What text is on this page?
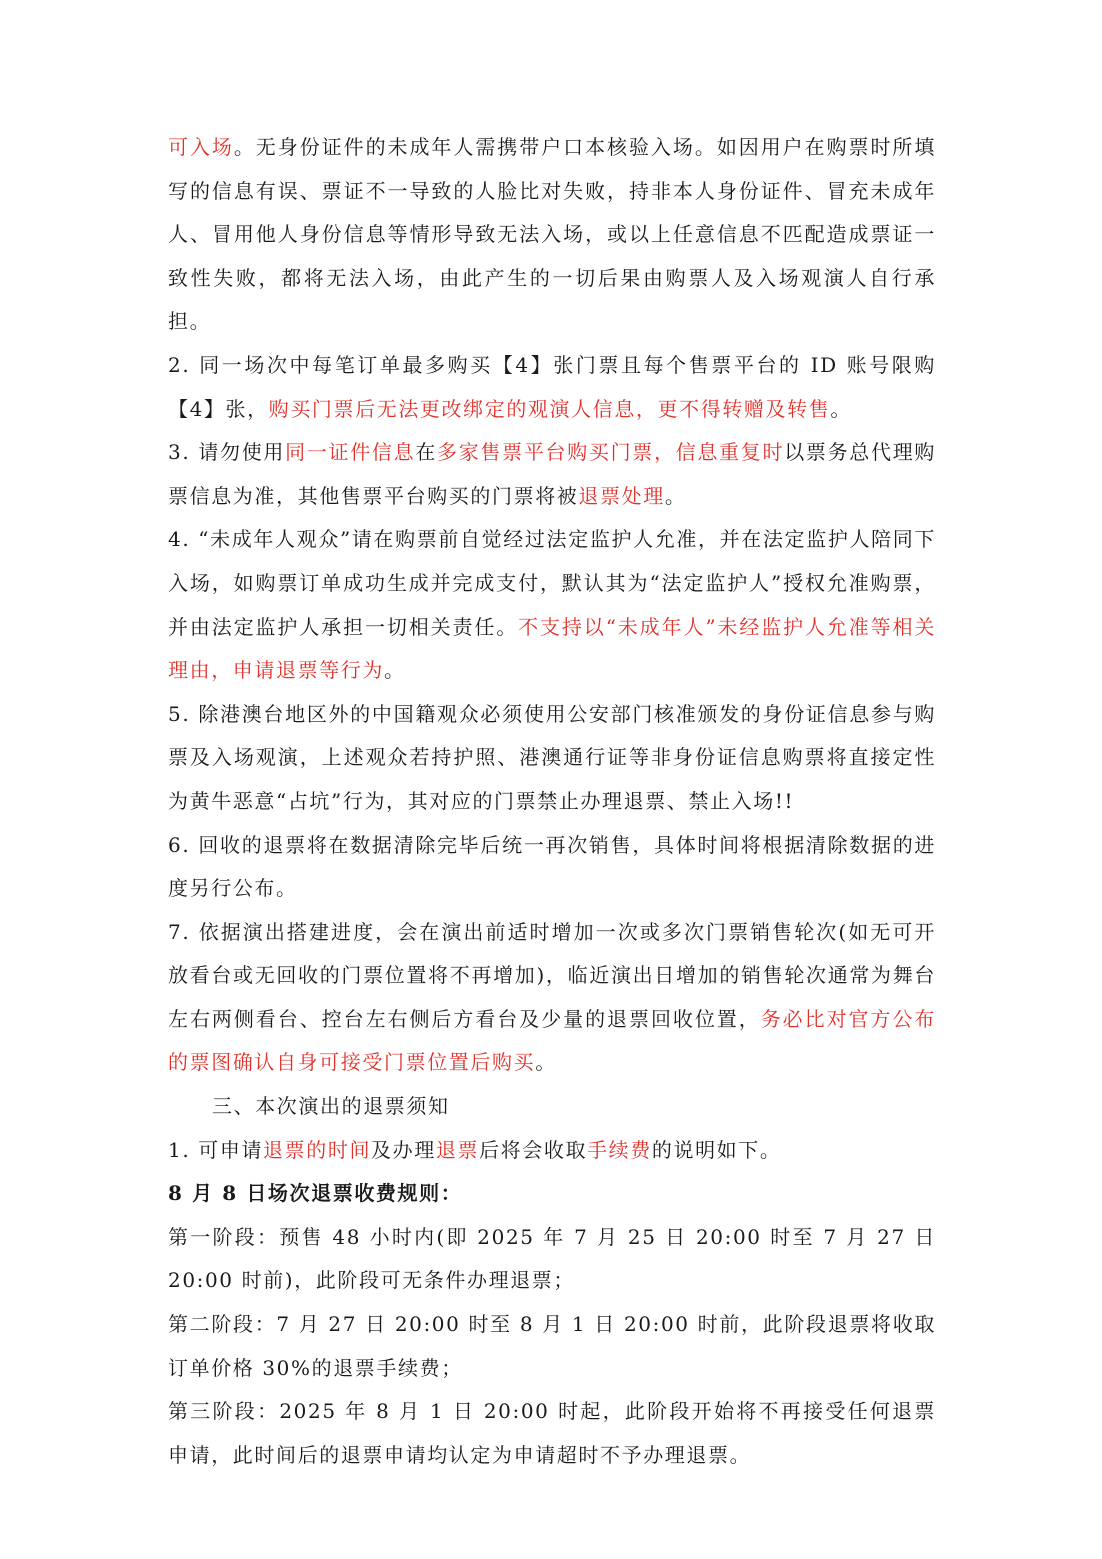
可入场。无身份证件的未成年人需携带户口本核验入场。如因用户在购票时所填写的信息有误、票证不一导致的人脸比对失败，持非本人身份证件、冒充未成年人、冒用他人身份信息等情形导致无法入场，或以上任意信息不匹配造成票证一致性失败，都将无法入场，由此产生的一切后果由购票人及入场观演人自行承担。

2. 同一场次中每笔订单最多购买【4】张门票且每个售票平台的 ID 账号限购【4】张，购买门票后无法更改绑定的观演人信息，更不得转赠及转售。

3. 请勿使用同一证件信息在多家售票平台购买门票，信息重复时以票务总代理购票信息为准，其他售票平台购买的门票将被退票处理。

4. “未成年人观众”请在购票前自觉经过法定监护人允准，并在法定监护人陪同下入场，如购票订单成功生成并完成支付，默认其为“法定监护人”授权允准购票，并由法定监护人承担一切相关责任。不支持以“未成年人”未经监护人允准等相关理由，申请退票等行为。

5. 除港澳台地区外的中国籍观众必须使用公安部门核准颁发的身份证信息参与购票及入场观演，上述观众若持护照、港澳通行证等非身份证信息购票将直接定性为黄牛恶意“占坑”行为，其对应的门票禁止办理退票、禁止入场!!

6. 回收的退票将在数据清除完毕后统一再次销售，具体时间将根据清除数据的进度另行公布。

7. 依据演出搭建进度，会在演出前适时增加一次或多次门票销售轮次(如无可开放看台或无回收的门票位置将不再增加)，临近演出日增加的销售轮次通常为舞台左右两侧看台、控台左右侧后方看台及少量的退票回收位置，务必比对官方公布的票图确认自身可接受门票位置后购买。

三、本次演出的退票须知

1. 可申请退票的时间及办理退票后将会收取手续费的说明如下。

8 月 8 日场次退票收费规则：

第一阶段：预售 48 小时内(即 2025 年 7 月 25 日 20:00 时至 7 月 27 日 20:00 时前)，此阶段可无条件办理退票；

第二阶段：7 月 27 日 20:00 时至 8 月 1 日 20:00 时前，此阶段退票将收取订单价格 30%的退票手续费；

第三阶段：2025 年 8 月 1 日 20:00 时起，此阶段开始将不再接受任何退票申请，此时间后的退票申请均认定为申请超时不予办理退票。
